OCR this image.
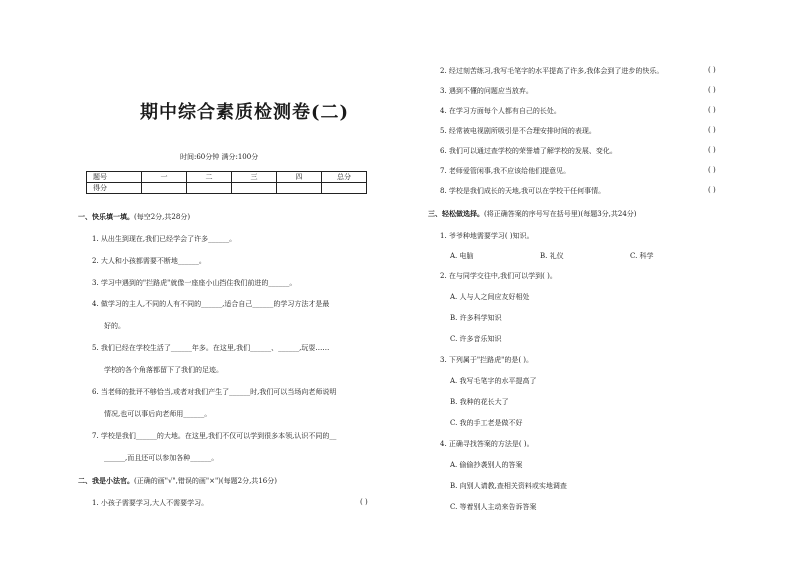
期中综合素质检测卷(二)
时间:60分钟 满分:100分
题号	一	二	三	四	总分
得分					
一、快乐填一填。(每空2分,共28分)
1. 从出生到现在,我们已经学会了许多______。
2. 大人和小孩都需要不断地______。
3. 学习中遇到的"拦路虎"就像一座座小山挡住我们前进的______。
4. 做学习的主人,不同的人有不同的______,适合自己______的学习方法才是最
好的。
5. 我们已经在学校生活了______年多。在这里,我们______、______,玩耍……
学校的各个角落都留下了我们的足迹。
6. 当老师的批评不够恰当,或者对我们产生了______时,我们可以当场向老师说明
情况,也可以事后向老师用______。
7. 学校是我们______的大地。在这里,我们不仅可以学到很多本领,认识不同的__
______,而且还可以参加各种______。
二、我是小法官。(正确的画"√",错误的画"×")(每题2分,共16分)
1. 小孩子需要学习,大人不需要学习。	( )
2. 经过刻苦练习,我写毛笔字的水平提高了许多,我体会到了进步的快乐。	( )
3. 遇到不懂的问题应当放弃。	( )
4. 在学习方面每个人都有自己的长处。	( )
5. 经常被电视剧所吸引是不合理安排时间的表现。	( )
6. 我们可以通过查学校的荣誉墙了解学校的发展、变化。	( )
7. 老师爱管闲事,我不应该给他们提意见。	( )
8. 学校是我们成长的天地,我可以在学校干任何事情。	( )
三、轻松做选择。(将正确答案的序号写在括号里)(每题3分,共24分)
1. 爷爷种地需要学习( )知识。
A. 电脑	B. 礼仪	C. 科学
2. 在与同学交往中,我们可以学到( )。
A. 人与人之间应友好相处
B. 许多科学知识
C. 许多音乐知识
3. 下列属于"拦路虎"的是( )。
A. 我写毛笔字的水平提高了
B. 我种的花长大了
C. 我的手工老是做不好
4. 正确寻找答案的方法是( )。
A. 偷偷抄袭别人的答案
B. 向别人请教,查相关资料或实地调查
C. 等着别人主动来告诉答案
